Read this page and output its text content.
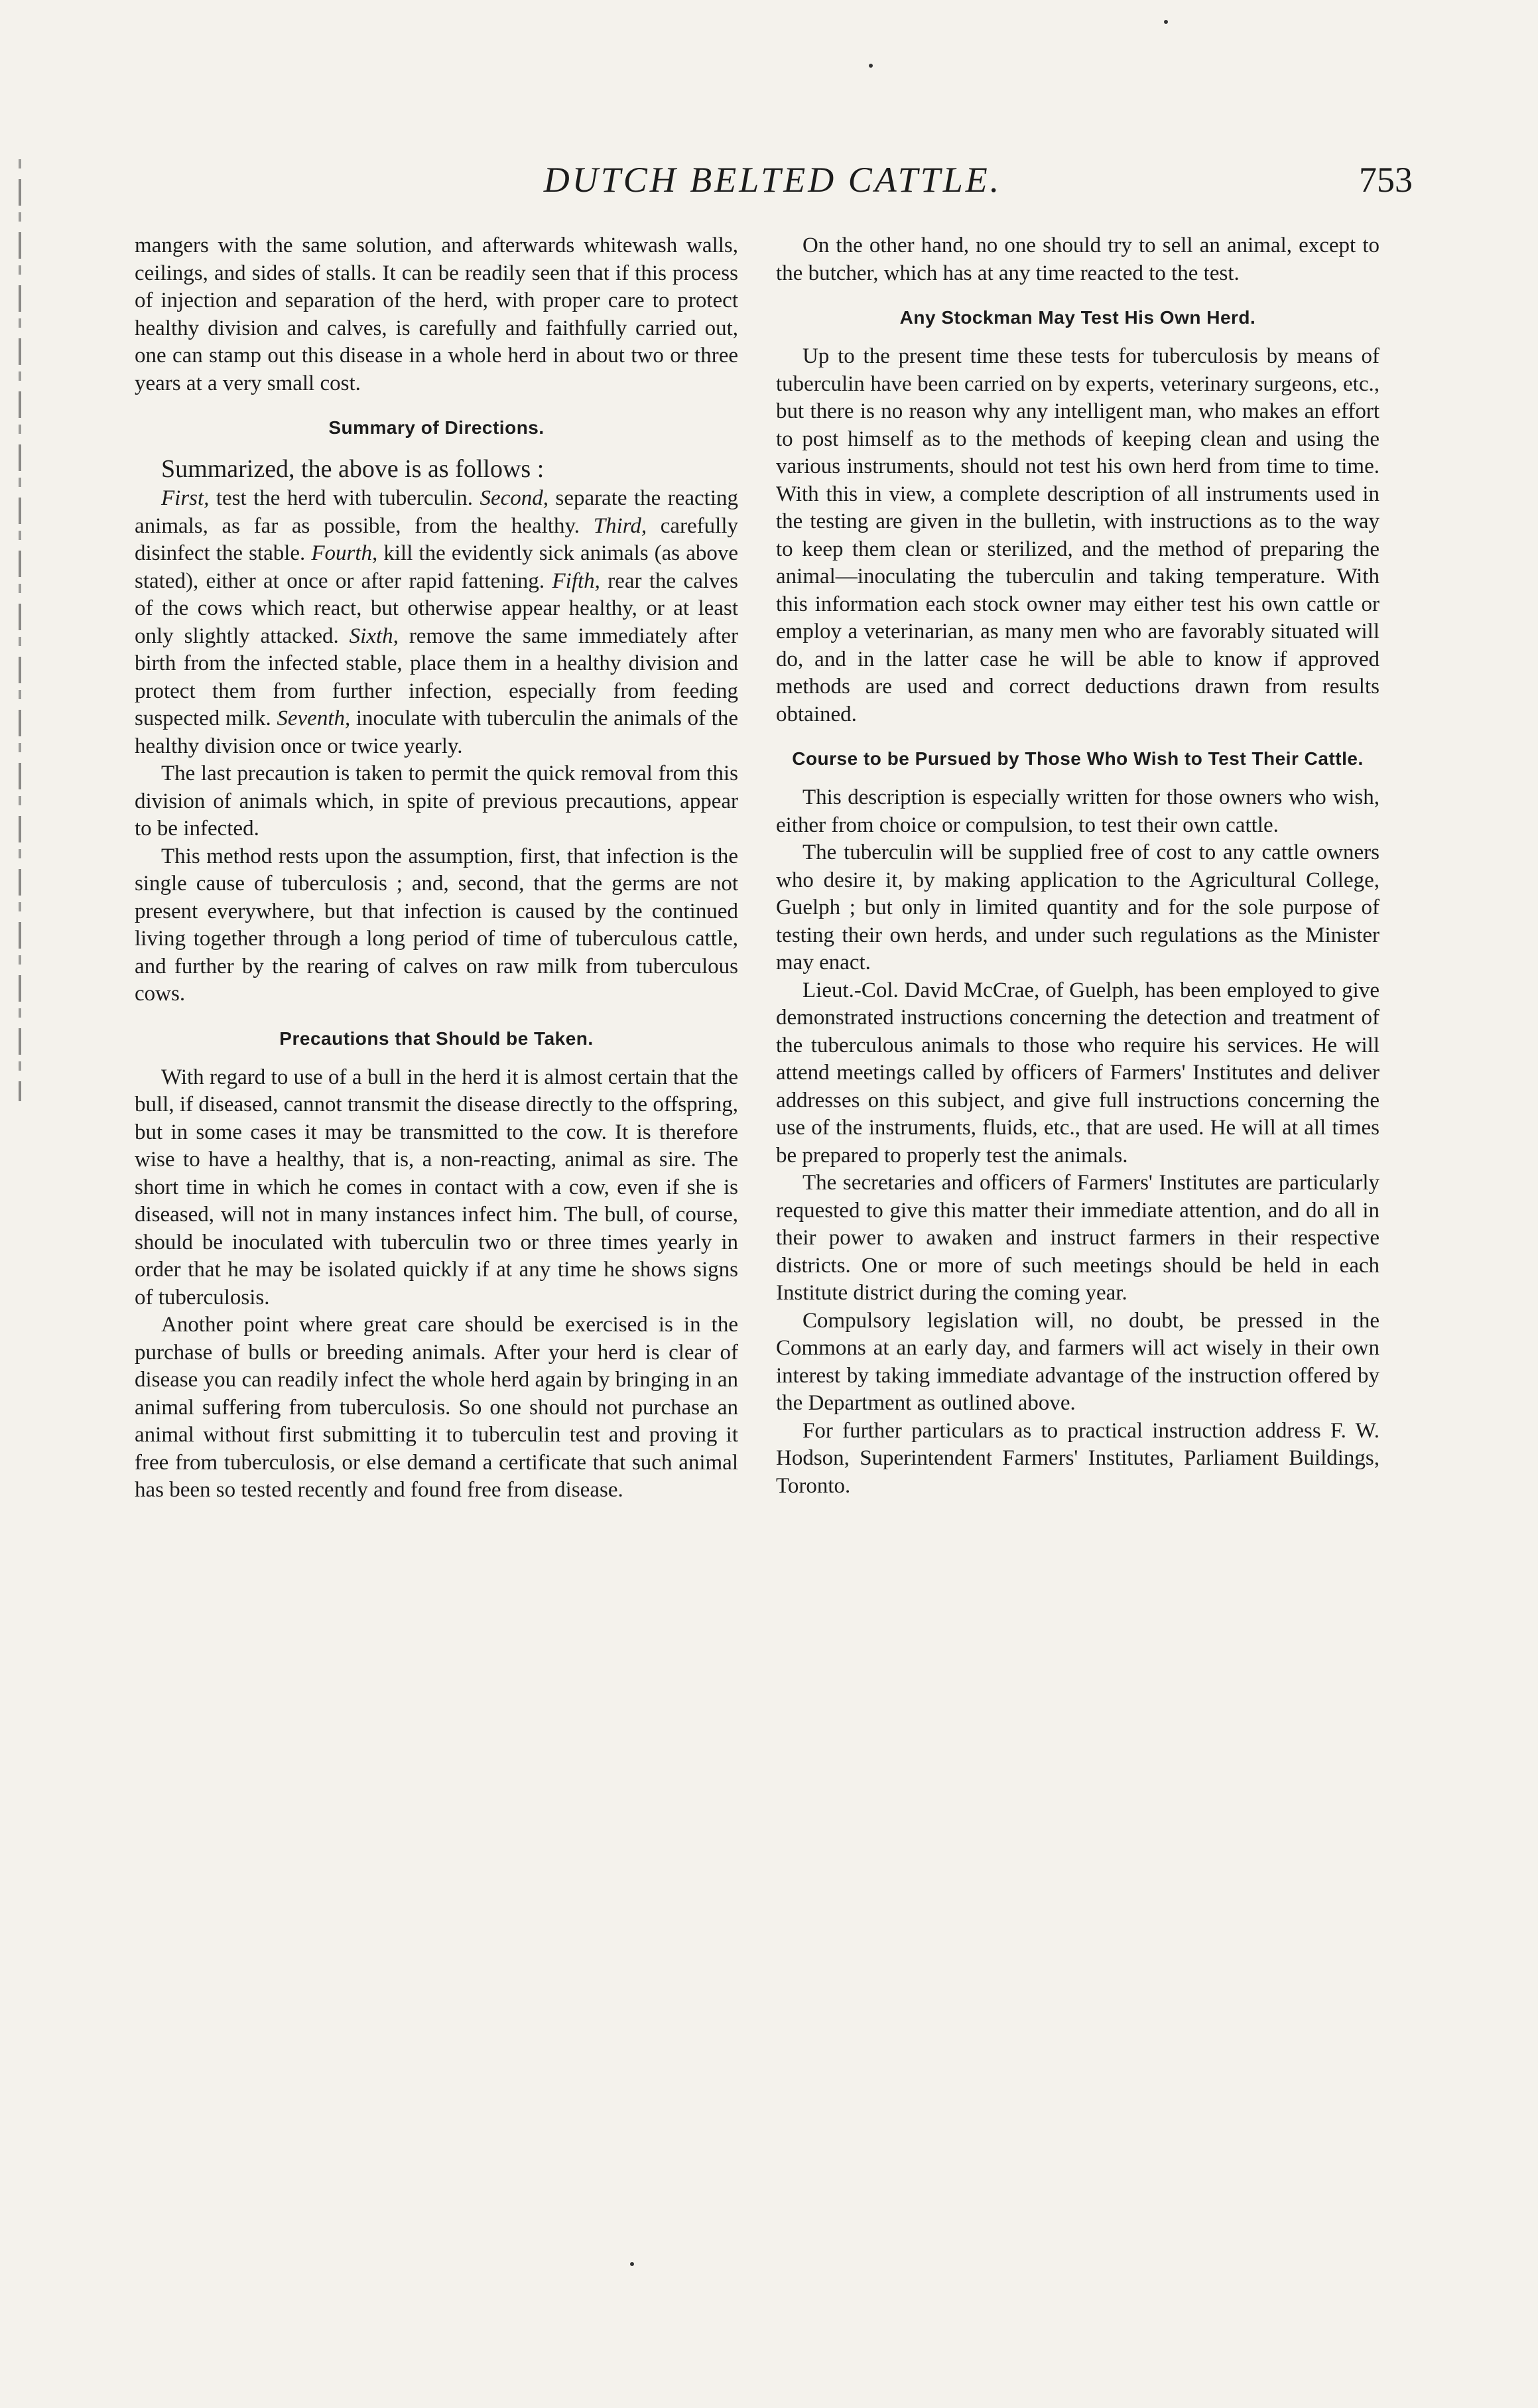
DUTCH BELTED CATTLE.	753

mangers with the same solution, and afterwards whitewash walls, ceilings, and sides of stalls. It can be readily seen that if this process of injection and separation of the herd, with proper care to protect healthy division and calves, is carefully and faithfully carried out, one can stamp out this disease in a whole herd in about two or three years at a very small cost.

Summary of Directions.

Summarized, the above is as follows :

First, test the herd with tuberculin. Second, separate the reacting animals, as far as possible, from the healthy. Third, carefully disinfect the stable. Fourth, kill the evidently sick animals (as above stated), either at once or after rapid fattening. Fifth, rear the calves of the cows which react, but otherwise appear healthy, or at least only slightly attacked. Sixth, remove the same immediately after birth from the infected stable, place them in a healthy division and protect them from further infection, especially from feeding suspected milk. Seventh, inoculate with tuberculin the animals of the healthy division once or twice yearly.

The last precaution is taken to permit the quick removal from this division of animals which, in spite of previous precautions, appear to be infected.

This method rests upon the assumption, first, that infection is the single cause of tuberculosis ; and, second, that the germs are not present everywhere, but that infection is caused by the continued living together through a long period of time of tuberculous cattle, and further by the rearing of calves on raw milk from tuberculous cows.

Precautions that Should be Taken.

With regard to use of a bull in the herd it is almost certain that the bull, if diseased, cannot transmit the disease directly to the offspring, but in some cases it may be transmitted to the cow. It is therefore wise to have a healthy, that is, a non-reacting, animal as sire. The short time in which he comes in contact with a cow, even if she is diseased, will not in many instances infect him. The bull, of course, should be inoculated with tuberculin two or three times yearly in order that he may be isolated quickly if at any time he shows signs of tuberculosis.

Another point where great care should be exercised is in the purchase of bulls or breeding animals. After your herd is clear of disease you can readily infect the whole herd again by bringing in an animal suffering from tuberculosis. So one should not purchase an animal without first submitting it to tuberculin test and proving it free from tuberculosis, or else demand a certificate that such animal has been so tested recently and found free from disease.

On the other hand, no one should try to sell an animal, except to the butcher, which has at any time reacted to the test.

Any Stockman May Test His Own Herd.

Up to the present time these tests for tuberculosis by means of tuberculin have been carried on by experts, veterinary surgeons, etc., but there is no reason why any intelligent man, who makes an effort to post himself as to the methods of keeping clean and using the various instruments, should not test his own herd from time to time. With this in view, a complete description of all instruments used in the testing are given in the bulletin, with instructions as to the way to keep them clean or sterilized, and the method of preparing the animal—inoculating the tuberculin and taking temperature. With this information each stock owner may either test his own cattle or employ a veterinarian, as many men who are favorably situated will do, and in the latter case he will be able to know if approved methods are used and correct deductions drawn from results obtained.

Course to be Pursued by Those Who Wish to Test Their Cattle.

This description is especially written for those owners who wish, either from choice or compulsion, to test their own cattle.

The tuberculin will be supplied free of cost to any cattle owners who desire it, by making application to the Agricultural College, Guelph ; but only in limited quantity and for the sole purpose of testing their own herds, and under such regulations as the Minister may enact.

Lieut.-Col. David McCrae, of Guelph, has been employed to give demonstrated instructions concerning the detection and treatment of the tuberculous animals to those who require his services. He will attend meetings called by officers of Farmers' Institutes and deliver addresses on this subject, and give full instructions concerning the use of the instruments, fluids, etc., that are used. He will at all times be prepared to properly test the animals.

The secretaries and officers of Farmers' Institutes are particularly requested to give this matter their immediate attention, and do all in their power to awaken and instruct farmers in their respective districts. One or more of such meetings should be held in each Institute district during the coming year.

Compulsory legislation will, no doubt, be pressed in the Commons at an early day, and farmers will act wisely in their own interest by taking immediate advantage of the instruction offered by the Department as outlined above.

For further particulars as to practical instruction address F. W. Hodson, Superintendent Farmers' Institutes, Parliament Buildings, Toronto.
